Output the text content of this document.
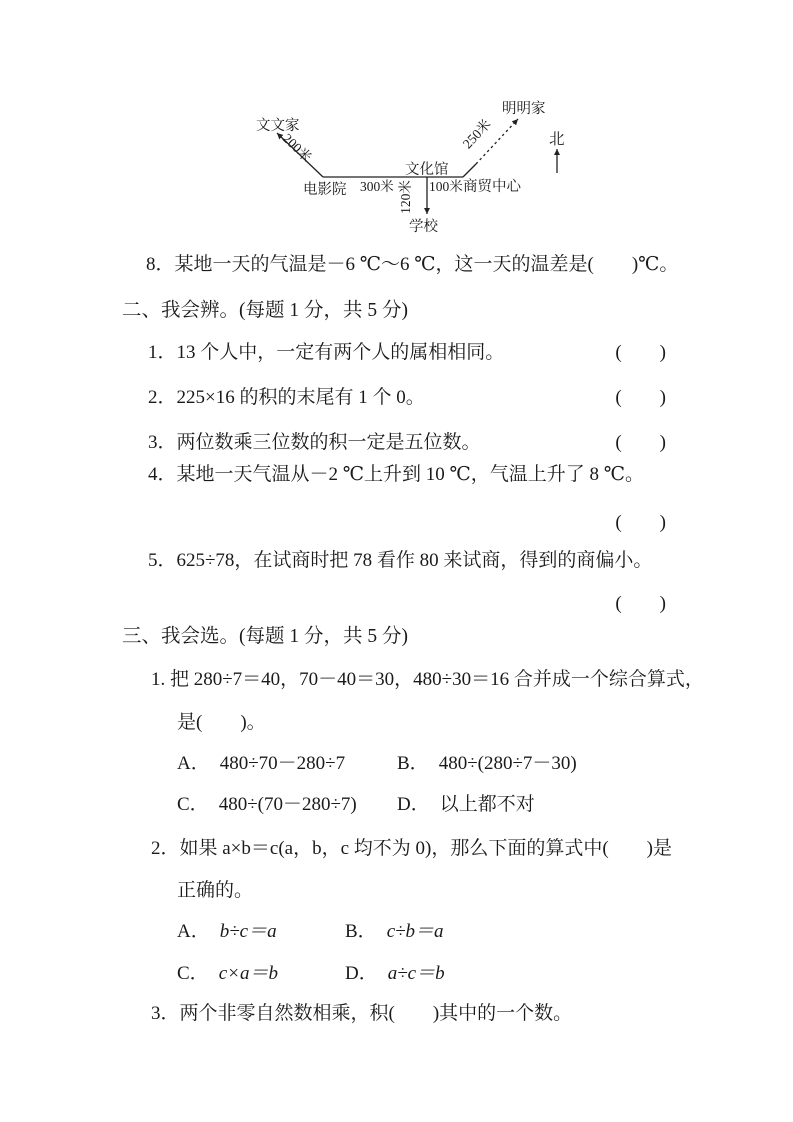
文文家
明明家
电影院
文化馆
学校
商贸中心
北
200米
300米	100米
120米
250米
8．某地一天的气温是－6 ℃～6 ℃，这一天的温差是(　　)℃。
二、我会辨。(每题 1 分，共 5 分)
1．13 个人中，一定有两个人的属相相同。	(　　)
2．225×16 的积的末尾有 1 个 0。	(　　)
3．两位数乘三位数的积一定是五位数。	(　　)
4．某地一天气温从－2 ℃上升到 10 ℃，气温上升了 8 ℃。
(　　)
5．625÷78，在试商时把 78 看作 80 来试商，得到的商偏小。
(　　)
三、我会选。(每题 1 分，共 5 分)
1. 把 280÷7＝40，70－40＝30，480÷30＝16 合并成一个综合算式，
是(　　)。
A． 480÷70－280÷7	B． 480÷(280÷7－30)
C． 480÷(70－280÷7) D． 以上都不对
2．如果 a×b＝c(a，b，c 均不为 0)，那么下面的算式中(　　)是
正确的。
A． b÷c＝a	B． c÷b＝a
C． c×a＝b	D． a÷c＝b
3．两个非零自然数相乘，积(　　)其中的一个数。
